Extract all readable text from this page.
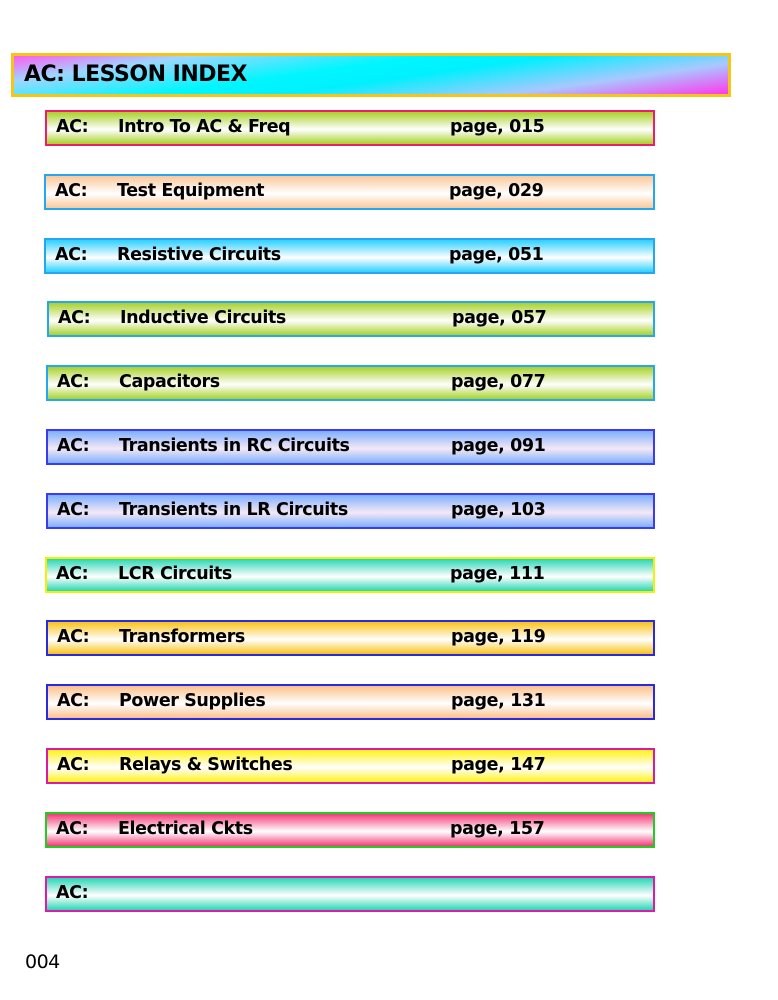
AC: LESSON INDEX
AC: Intro To AC & Freq	page, 015
AC: Test Equipment	page, 029
AC: Resistive Circuits	page, 051
AC: Inductive Circuits	page, 057
AC: Capacitors	page, 077
AC: Transients in RC Circuits	page, 091
AC: Transients in LR Circuits	page, 103
AC: LCR Circuits	page, 111
AC: Transformers	page, 119
AC: Power Supplies	page, 131
AC: Relays & Switches	page, 147
AC: Electrical Ckts	page, 157
AC:
004
